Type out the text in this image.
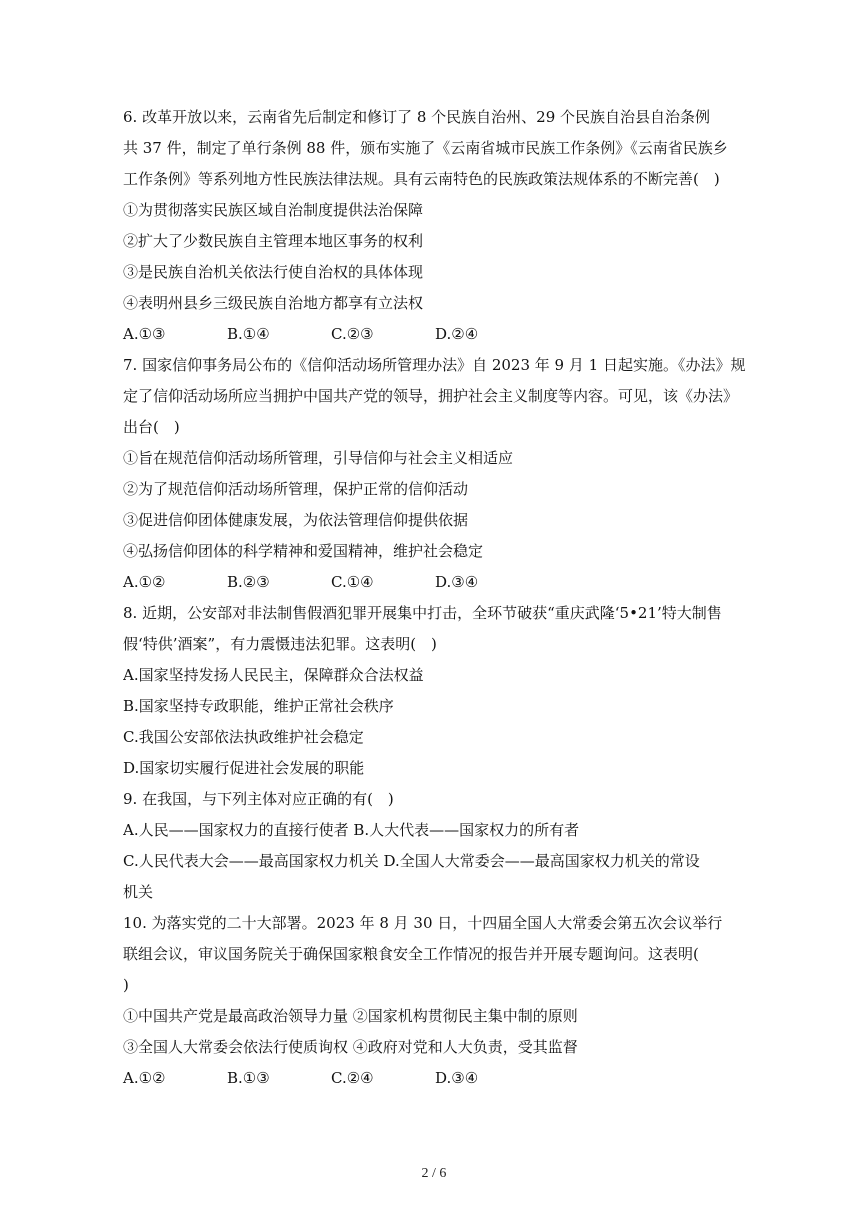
6. 改革开放以来，云南省先后制定和修订了 8 个民族自治州、29 个民族自治县自治条例
共 37 件，制定了单行条例 88 件，颁布实施了《云南省城市民族工作条例》《云南省民族乡
工作条例》等系列地方性民族法律法规。具有云南特色的民族政策法规体系的不断完善(　)
①为贯彻落实民族区域自治制度提供法治保障
②扩大了少数民族自主管理本地区事务的权利
③是民族自治机关依法行使自治权的具体体现
④表明州县乡三级民族自治地方都享有立法权
A.①③	B.①④	C.②③	D.②④
7. 国家信仰事务局公布的《信仰活动场所管理办法》自 2023 年 9 月 1 日起实施。《办法》规
定了信仰活动场所应当拥护中国共产党的领导，拥护社会主义制度等内容。可见，该《办法》
出台(　)
①旨在规范信仰活动场所管理，引导信仰与社会主义相适应
②为了规范信仰活动场所管理，保护正常的信仰活动
③促进信仰团体健康发展，为依法管理信仰提供依据
④弘扬信仰团体的科学精神和爱国精神，维护社会稳定
A.①②	B.②③	C.①④	D.③④
8. 近期，公安部对非法制售假酒犯罪开展集中打击，全环节破获“重庆武隆‘5•21’特大制售
假‘特供’酒案”，有力震慑违法犯罪。这表明(　)
A.国家坚持发扬人民民主，保障群众合法权益
B.国家坚持专政职能，维护正常社会秩序
C.我国公安部依法执政维护社会稳定
D.国家切实履行促进社会发展的职能
9. 在我国，与下列主体对应正确的有(　)
A.人民——国家权力的直接行使者 B.人大代表——国家权力的所有者
C.人民代表大会——最高国家权力机关 D.全国人大常委会——最高国家权力机关的常设
机关
10. 为落实党的二十大部署。2023 年 8 月 30 日，十四届全国人大常委会第五次会议举行
联组会议，审议国务院关于确保国家粮食安全工作情况的报告并开展专题询问。这表明(
)
①中国共产党是最高政治领导力量 ②国家机构贯彻民主集中制的原则
③全国人大常委会依法行使质询权 ④政府对党和人大负责，受其监督
A.①②	B.①③	C.②④	D.③④
2 / 6
